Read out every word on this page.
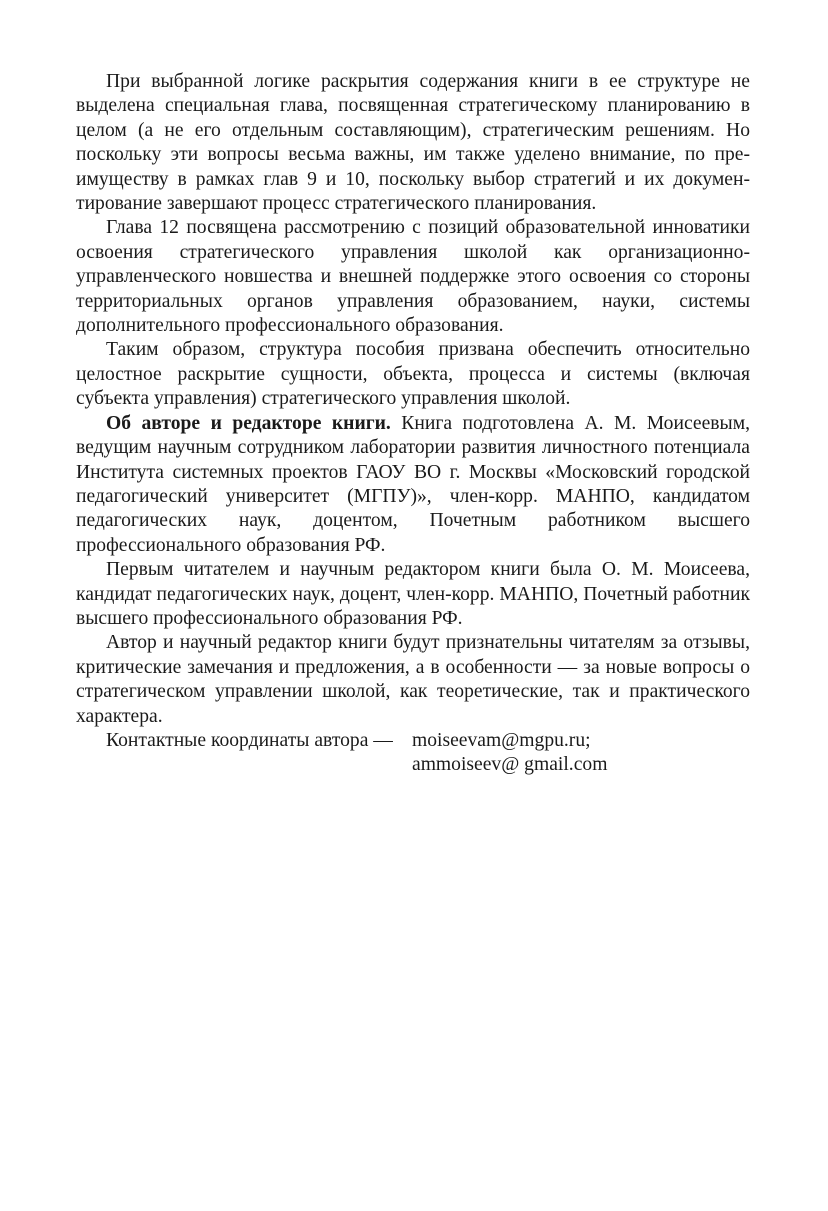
При выбранной логике раскрытия содержания книги в ее структуре не выделена специальная глава, посвященная стратегическому планированию в целом (а не его отдельным составляющим), стратегическим решениям. Но поскольку эти вопросы весьма важны, им также уделено внимание, по преимуществу в рамках глав 9 и 10, поскольку выбор стратегий и их документирование завершают процесс стратегического планирования.

Глава 12 посвящена рассмотрению с позиций образовательной инноватики освоения стратегического управления школой как организационно-управленческого новшества и внешней поддержке этого освоения со стороны территориальных органов управления образованием, науки, системы дополнительного профессионального образования.

Таким образом, структура пособия призвана обеспечить относительно целостное раскрытие сущности, объекта, процесса и системы (включая субъекта управления) стратегического управления школой.

Об авторе и редакторе книги. Книга подготовлена А. М. Моисеевым, ведущим научным сотрудником лаборатории развития личностного потенциала Института системных проектов ГАОУ ВО г. Москвы «Московский городской педагогический университет (МГПУ)», член-корр. МАНПО, кандидатом педагогических наук, доцентом, Почетным работником высшего профессионального образования РФ.

Первым читателем и научным редактором книги была О. М. Моисеева, кандидат педагогических наук, доцент, член-корр. МАНПО, Почетный работник высшего профессионального образования РФ.

Автор и научный редактор книги будут признательны читателям за отзывы, критические замечания и предложения, а в особенности — за новые вопросы о стратегическом управлении школой, как теоретические, так и практического характера.

Контактные координаты автора — moiseevam@mgpu.ru;
ammoiseev@ gmail.com
